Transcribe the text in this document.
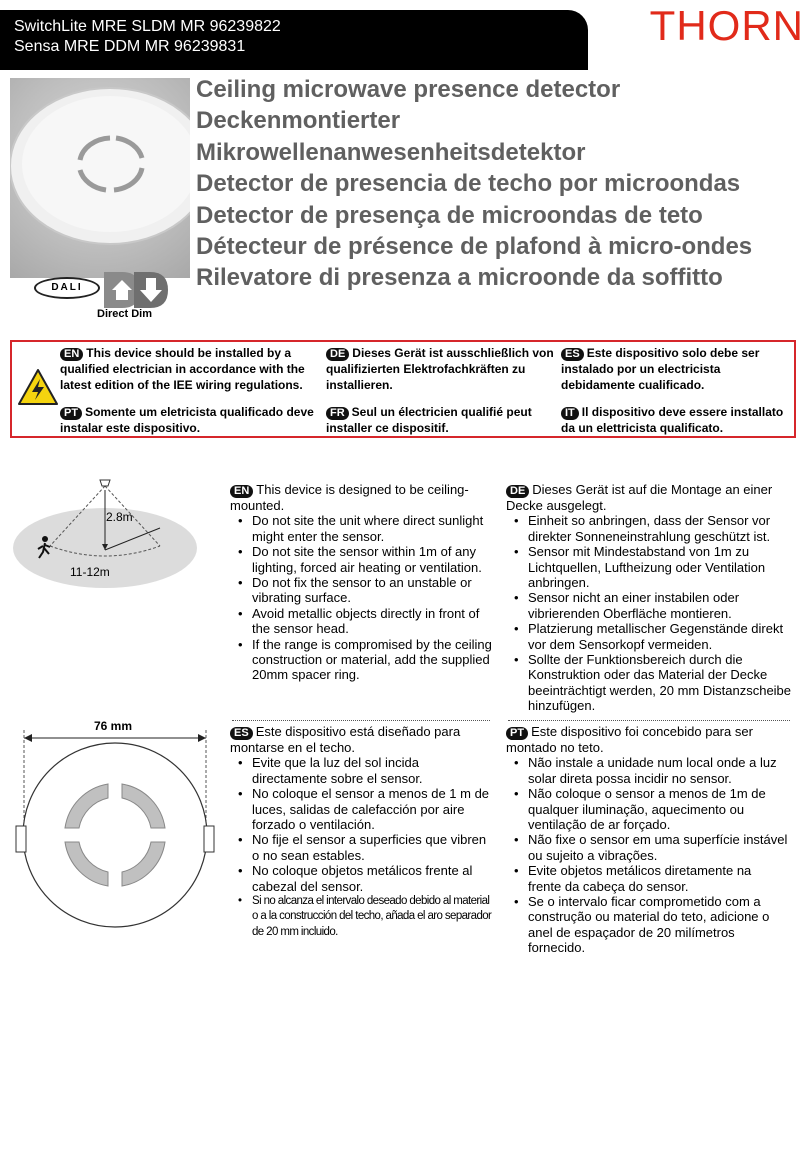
SwitchLite MRE SLDM MR 96239822
Sensa MRE DDM MR 96239831	THORN
Ceiling microwave presence detector
Deckenmontierter
Mikrowellenanwesenheitsdetektor
Detector de presencia de techo por microondas
Detector de presença de microondas de teto
Détecteur de présence de plafond à micro-ondes
Rilevatore di presenza a microonde da soffitto
DALI
Direct Dim
EN This device should be installed by a qualified electrician in accordance with the latest edition of the IEE wiring regulations.
PT Somente um eletricista qualificado deve instalar este dispositivo.
DE Dieses Gerät ist ausschließlich von qualifizierten Elektrofachkräften zu installieren.
FR Seul un électricien qualifié peut installer ce dispositif.
ES Este dispositivo solo debe ser instalado por un electricista debidamente cualificado.
IT Il dispositivo deve essere installato da un elettricista qualificato.
2.8m
11-12m
76 mm
EN This device is designed to be ceiling-mounted.
• Do not site the unit where direct sunlight might enter the sensor.
• Do not site the sensor within 1m of any lighting, forced air heating or ventilation.
• Do not fix the sensor to an unstable or vibrating surface.
• Avoid metallic objects directly in front of the sensor head.
• If the range is compromised by the ceiling construction or material, add the supplied 20mm spacer ring.
DE Dieses Gerät ist auf die Montage an einer Decke ausgelegt.
• Einheit so anbringen, dass der Sensor vor direkter Sonneneinstrahlung geschützt ist.
• Sensor mit Mindestabstand von 1m zu Lichtquellen, Luftheizung oder Ventilation anbringen.
• Sensor nicht an einer instabilen oder vibrierenden Oberfläche montieren.
• Platzierung metallischer Gegenstände direkt vor dem Sensorkopf vermeiden.
• Sollte der Funktionsbereich durch die Konstruktion oder das Material der Decke beeinträchtigt werden, 20 mm Distanzscheibe hinzufügen.
ES Este dispositivo está diseñado para montarse en el techo.
• Evite que la luz del sol incida directamente sobre el sensor.
• No coloque el sensor a menos de 1 m de luces, salidas de calefacción por aire forzado o ventilación.
• No fije el sensor a superficies que vibren o no sean estables.
• No coloque objetos metálicos frente al cabezal del sensor.
• Si no alcanza el intervalo deseado debido al material o a la construcción del techo, añada el aro separador de 20 mm incluido.
PT Este dispositivo foi concebido para ser montado no teto.
• Não instale a unidade num local onde a luz solar direta possa incidir no sensor.
• Não coloque o sensor a menos de 1m de qualquer iluminação, aquecimento ou ventilação de ar forçado.
• Não fixe o sensor em uma superfície instável ou sujeito a vibrações.
• Evite objetos metálicos diretamente na frente da cabeça do sensor.
• Se o intervalo ficar comprometido com a construção ou material do teto, adicione o anel de espaçador de 20 milímetros fornecido.
